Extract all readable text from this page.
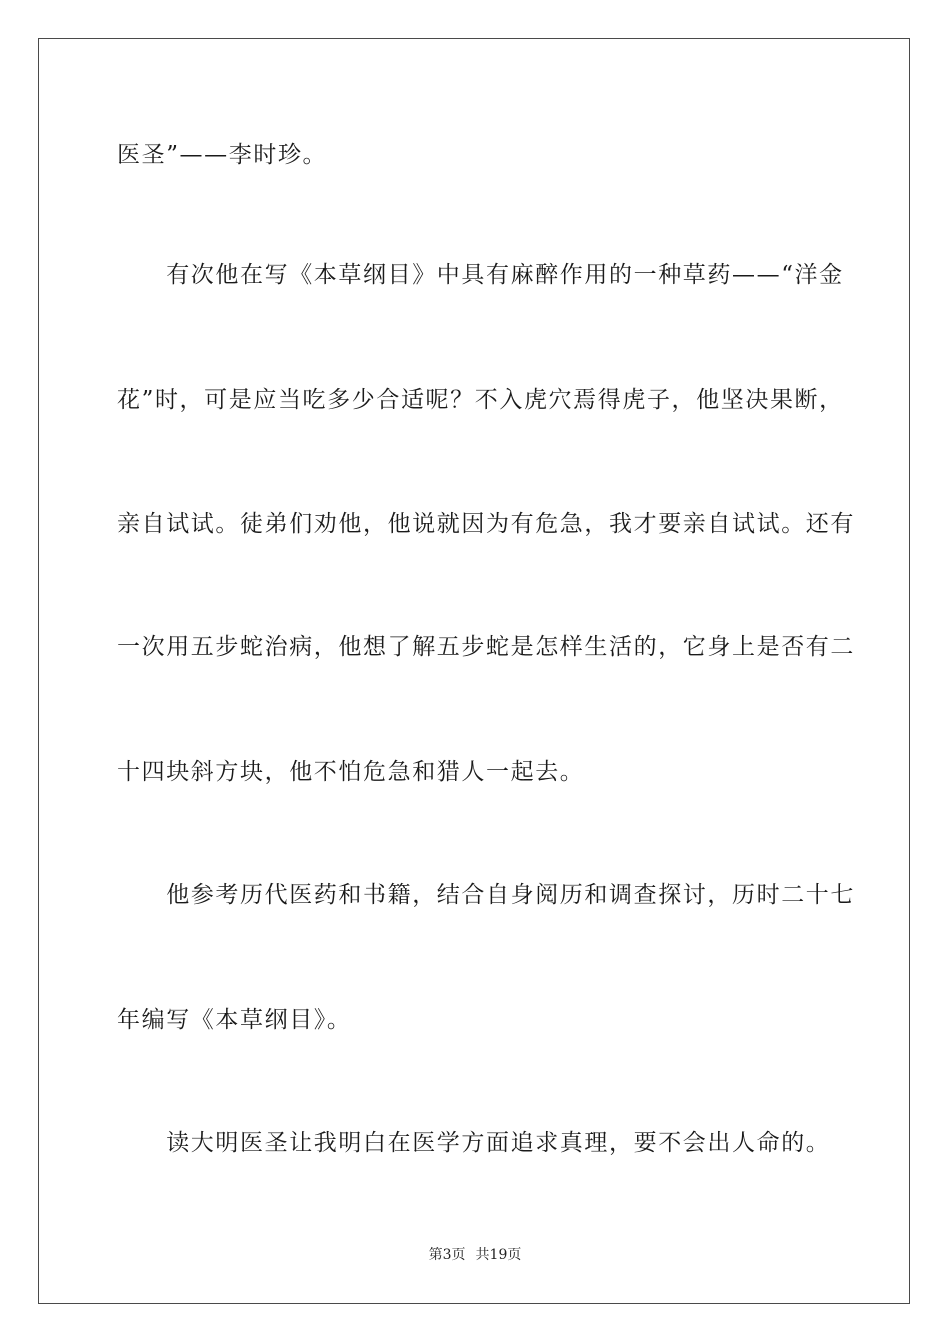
医圣”——李时珍。
　　有次他在写《本草纲目》中具有麻醉作用的一种草药——“洋金
花”时，可是应当吃多少合适呢？不入虎穴焉得虎子，他坚决果断，
亲自试试。徒弟们劝他，他说就因为有危急，我才要亲自试试。还有
一次用五步蛇治病，他想了解五步蛇是怎样生活的，它身上是否有二
十四块斜方块，他不怕危急和猎人一起去。
　　他参考历代医药和书籍，结合自身阅历和调查探讨，历时二十七
年编写《本草纲目》。
　　读大明医圣让我明白在医学方面追求真理，要不会出人命的。
第3页 共19页
